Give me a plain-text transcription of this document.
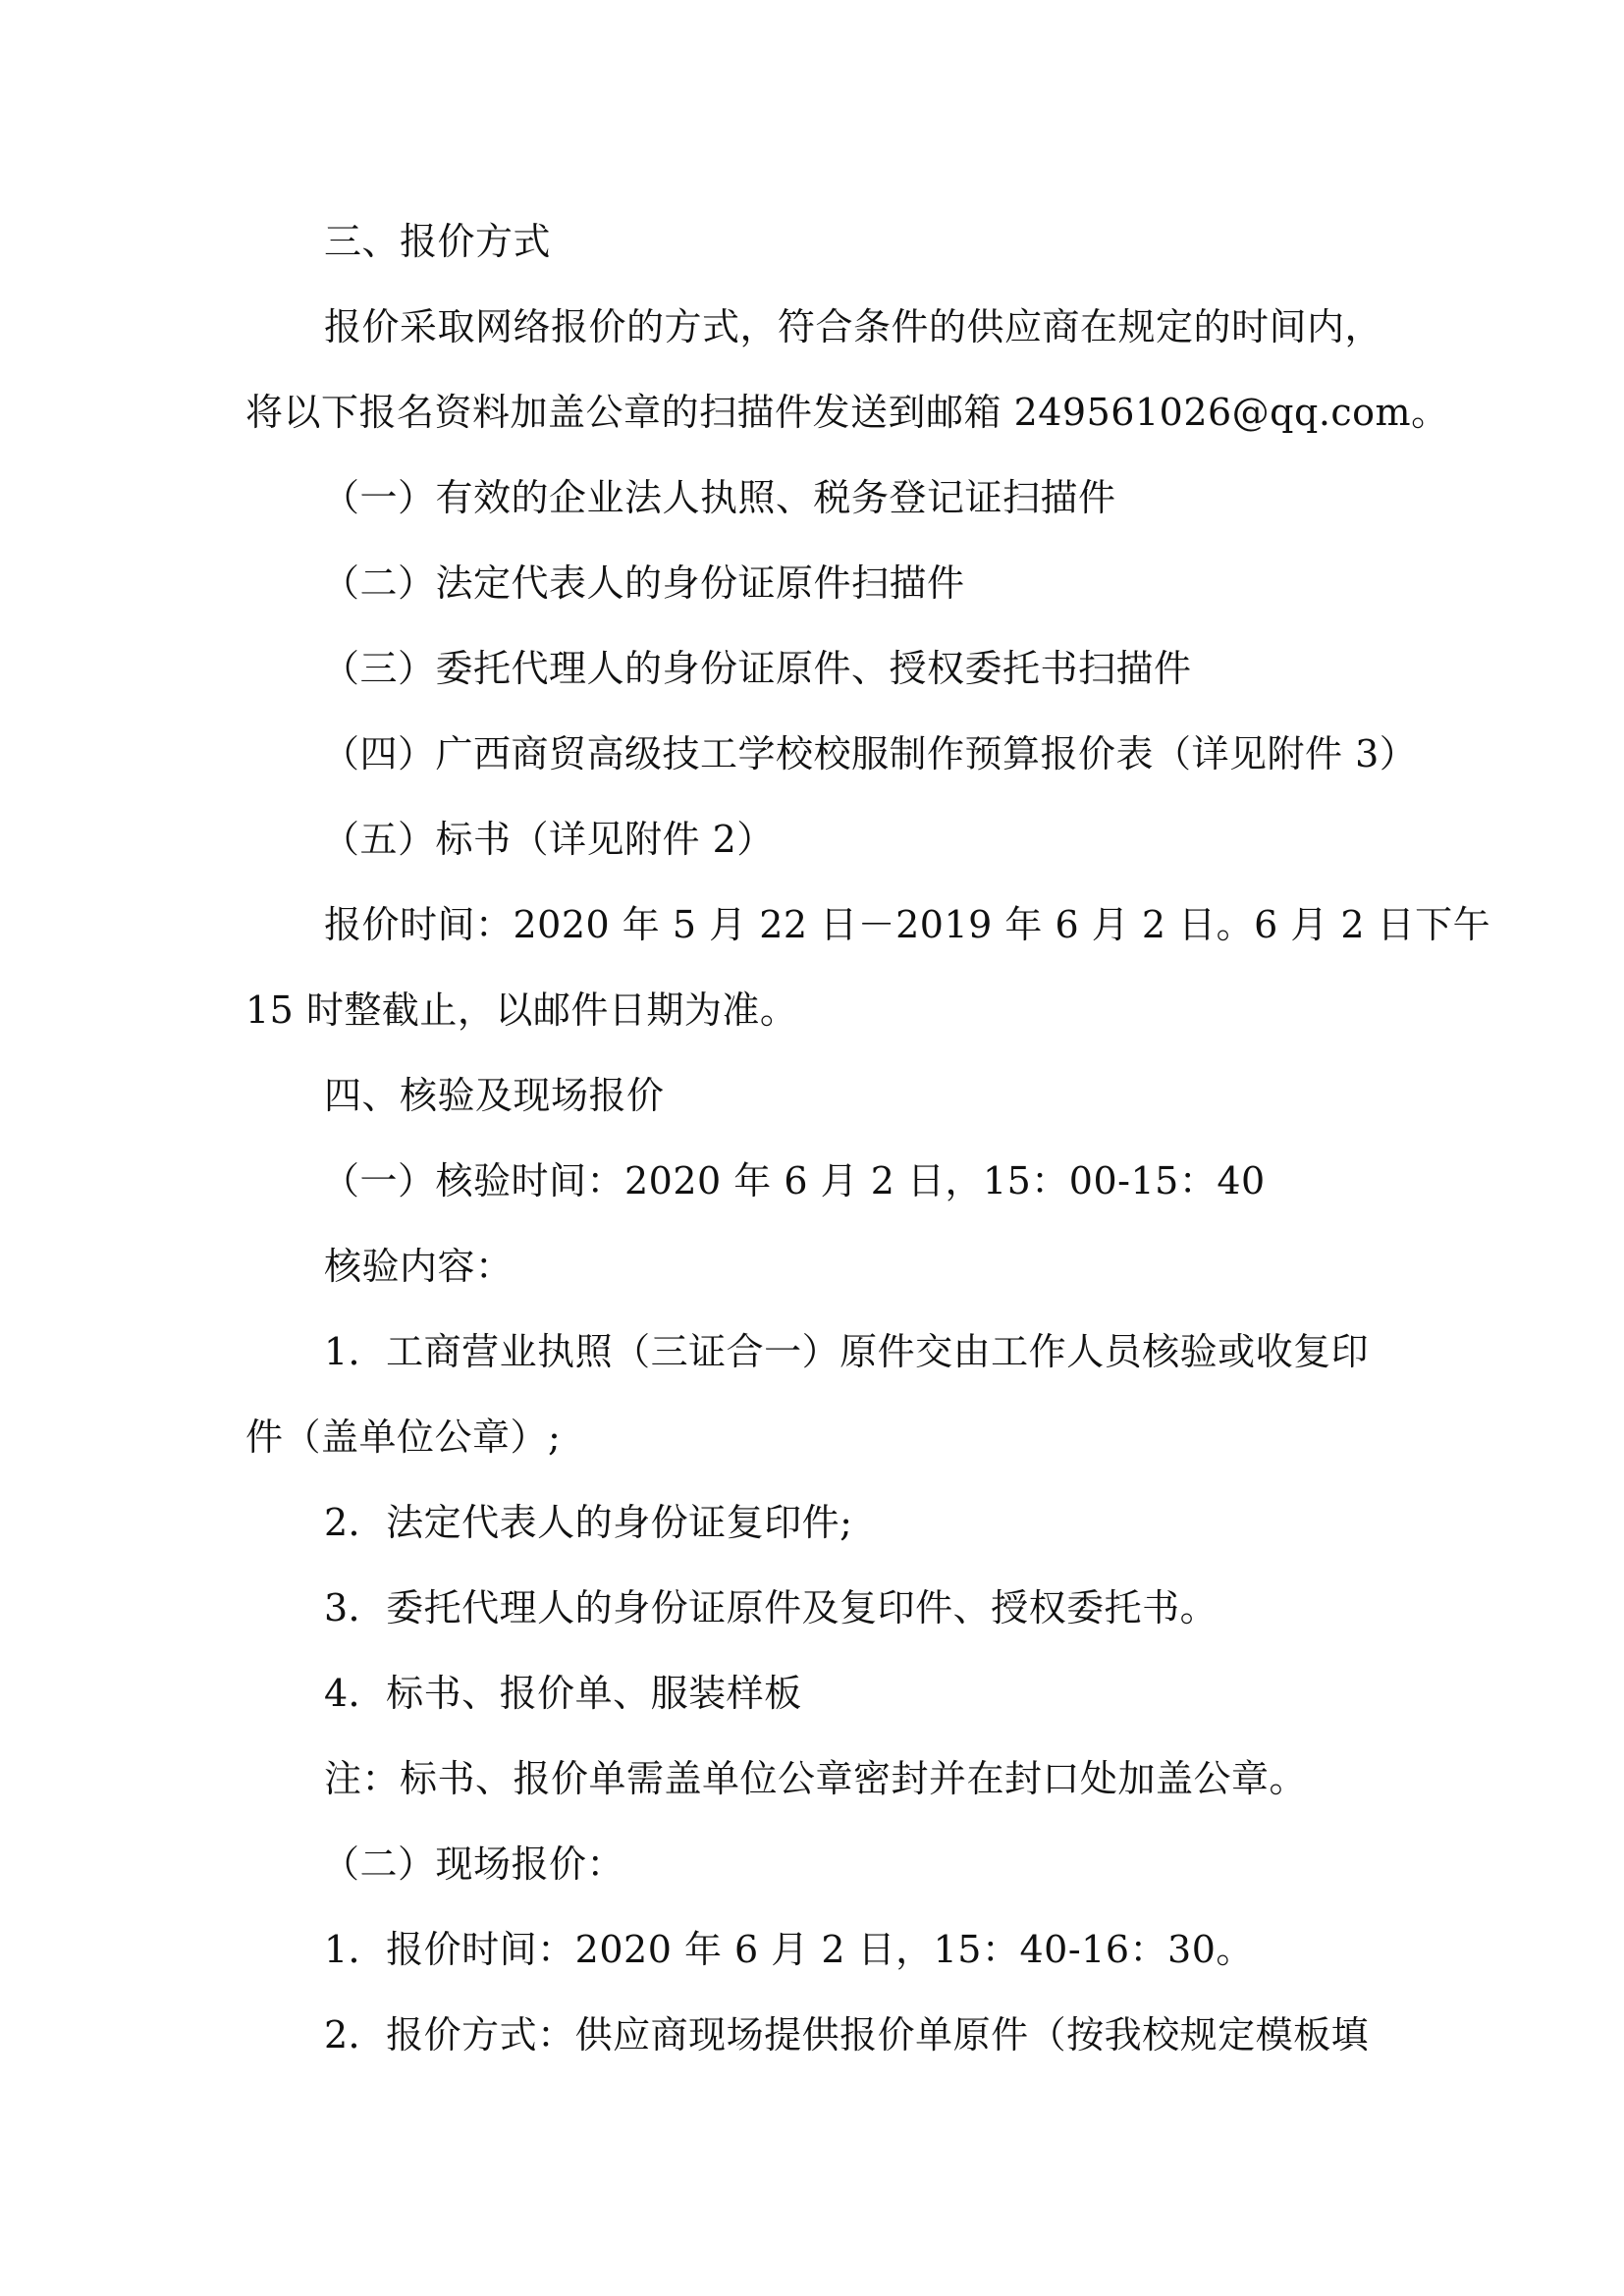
三、报价方式
报价采取网络报价的方式，符合条件的供应商在规定的时间内，
将以下报名资料加盖公章的扫描件发送到邮箱 249561026@qq.com。
（一）有效的企业法人执照、税务登记证扫描件
（二）法定代表人的身份证原件扫描件
（三）委托代理人的身份证原件、授权委托书扫描件
（四）广西商贸高级技工学校校服制作预算报价表（详见附件 3）
（五）标书（详见附件 2）
报价时间：2020 年 5 月 22 日－2019 年 6 月 2 日。6 月 2 日下午
15 时整截止，以邮件日期为准。
四、核验及现场报价
（一）核验时间：2020 年 6 月 2 日，15：00-15：40
核验内容：
1．工商营业执照（三证合一）原件交由工作人员核验或收复印
件（盖单位公章）;
2．法定代表人的身份证复印件;
3．委托代理人的身份证原件及复印件、授权委托书。
4．标书、报价单、服装样板
注：标书、报价单需盖单位公章密封并在封口处加盖公章。
（二）现场报价：
1．报价时间：2020 年 6 月 2 日，15：40-16：30。
2．报价方式：供应商现场提供报价单原件（按我校规定模板填
